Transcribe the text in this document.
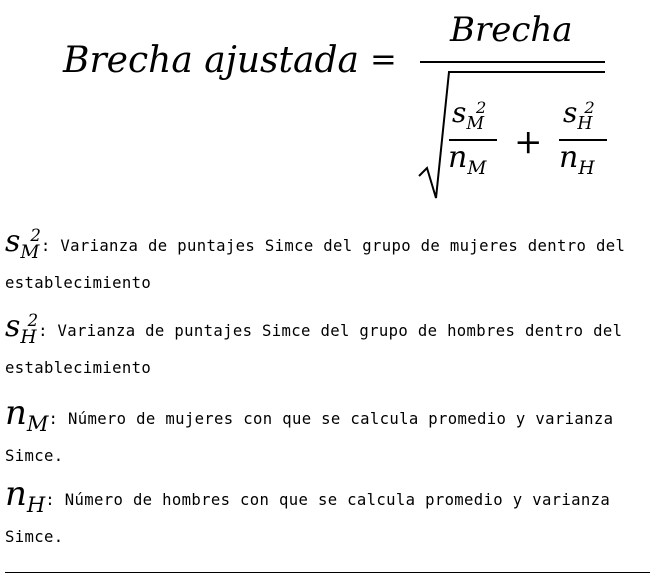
Brecha ajustada =
Brecha
+
$s_M^2$
$n_M$
$s_H^2$
$n_H$
$s_M^2$: Varianza de puntajes Simce del grupo de mujeres dentro del establecimiento
$s_H^2$: Varianza de puntajes Simce del grupo de hombres dentro del establecimiento
$n_M$: Número de mujeres con que se calcula promedio y varianza Simce.
$n_H$: Número de hombres con que se calcula promedio y varianza Simce.
